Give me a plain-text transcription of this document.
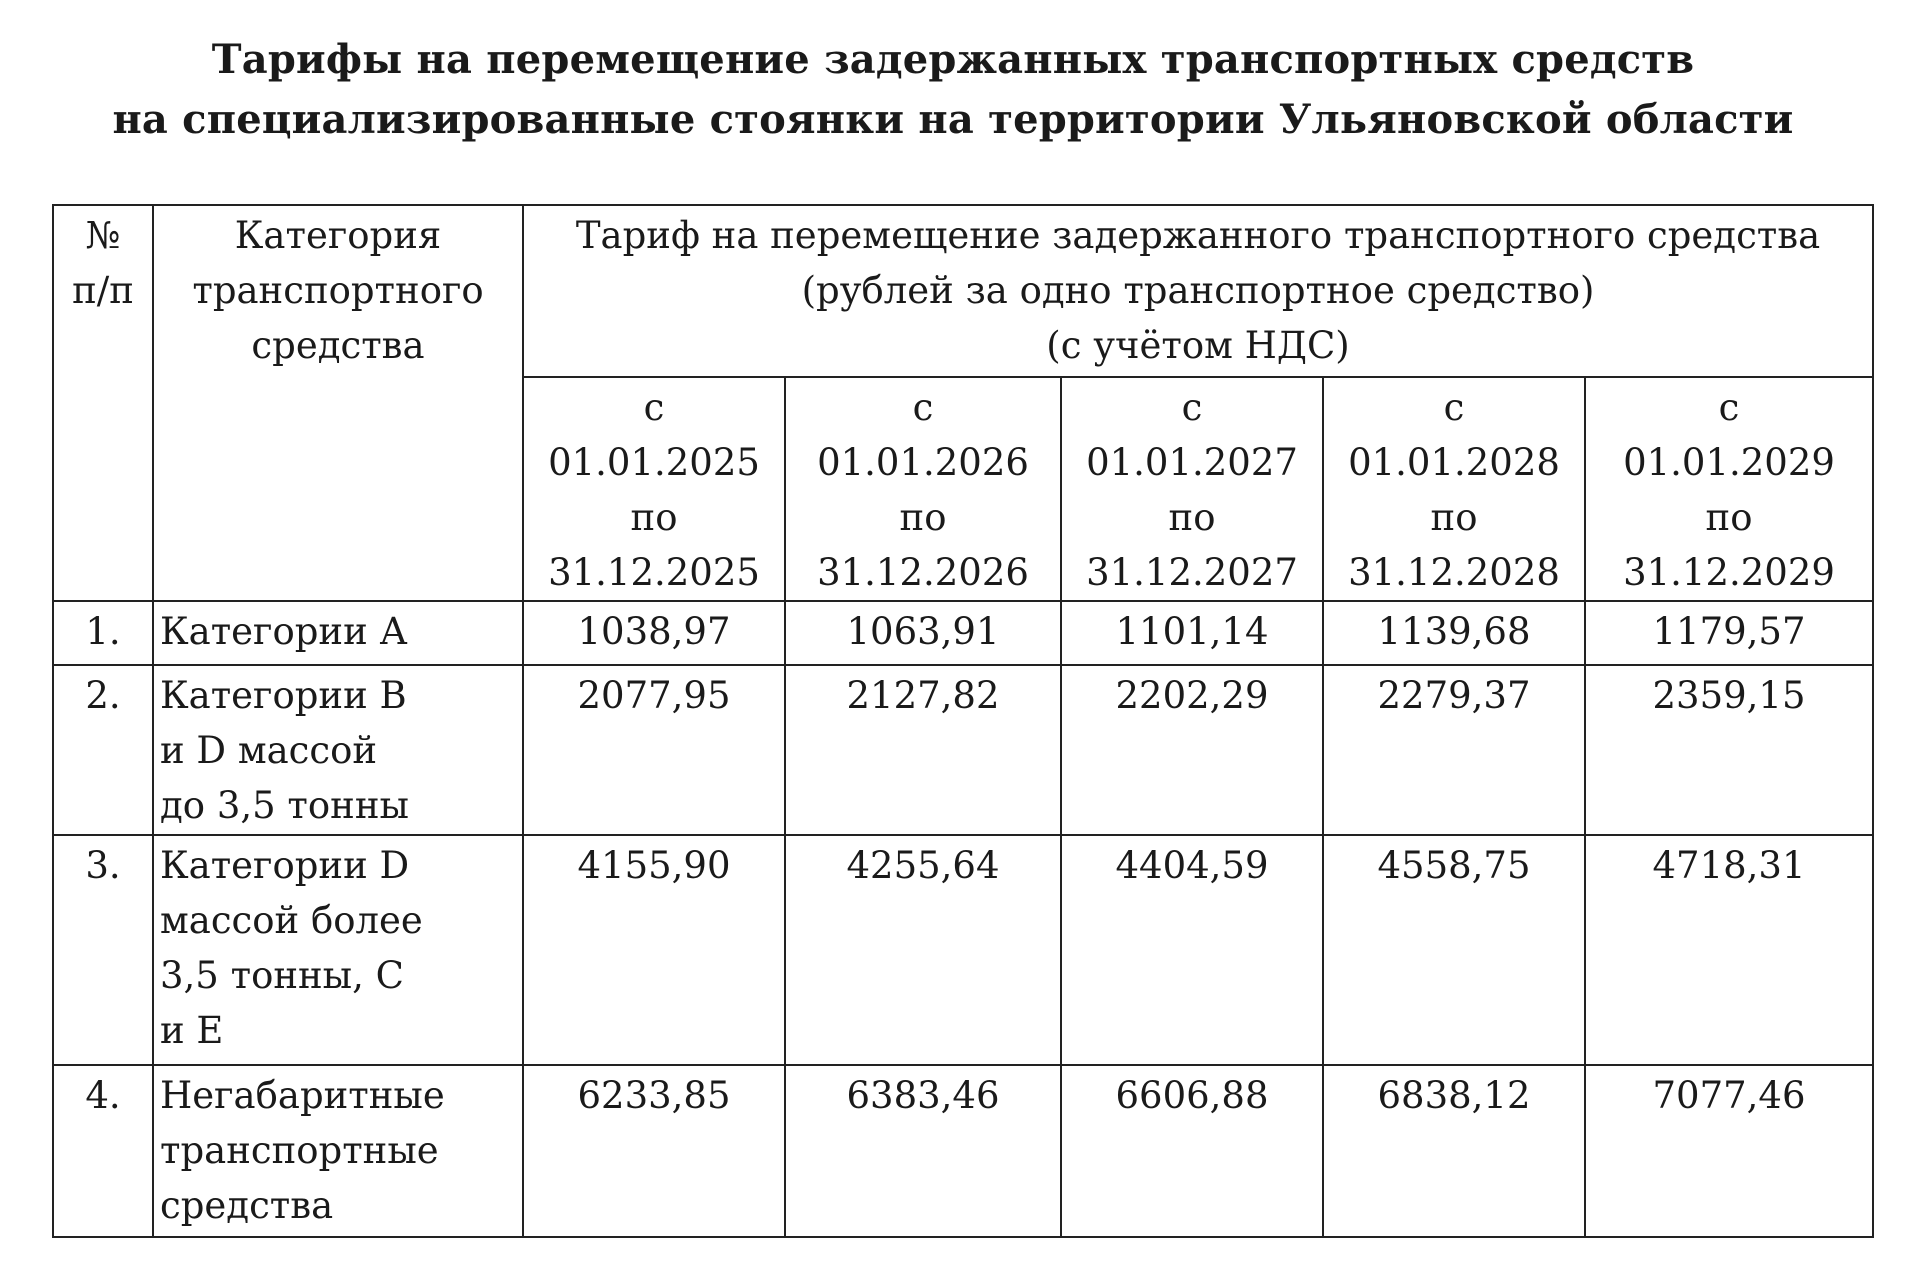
Тарифы на перемещение задержанных транспортных средств
на специализированные стоянки на территории Ульяновской области
№
п/п	Категория
транспортного
средства	Тариф на перемещение задержанного транспортного средства
(рублей за одно транспортное средство)
(с учётом НДС)				

		с
01.01.2025
по
31.12.2025	с
01.01.2026
по
31.12.2026	с
01.01.2027
по
31.12.2027	с
01.01.2028
по
31.12.2028	с
01.01.2029
по
31.12.2029

1.	Категории А	1038,97	1063,91	1101,14	1139,68	1179,57
2.	Категории В
и D массой
до 3,5 тонны	2077,95	2127,82	2202,29	2279,37	2359,15
3.	Категории D
массой более
3,5 тонны, С
и Е	4155,90	4255,64	4404,59	4558,75	4718,31
4.	Негабаритные
транспортные
средства	6233,85	6383,46	6606,88	6838,12	7077,46
